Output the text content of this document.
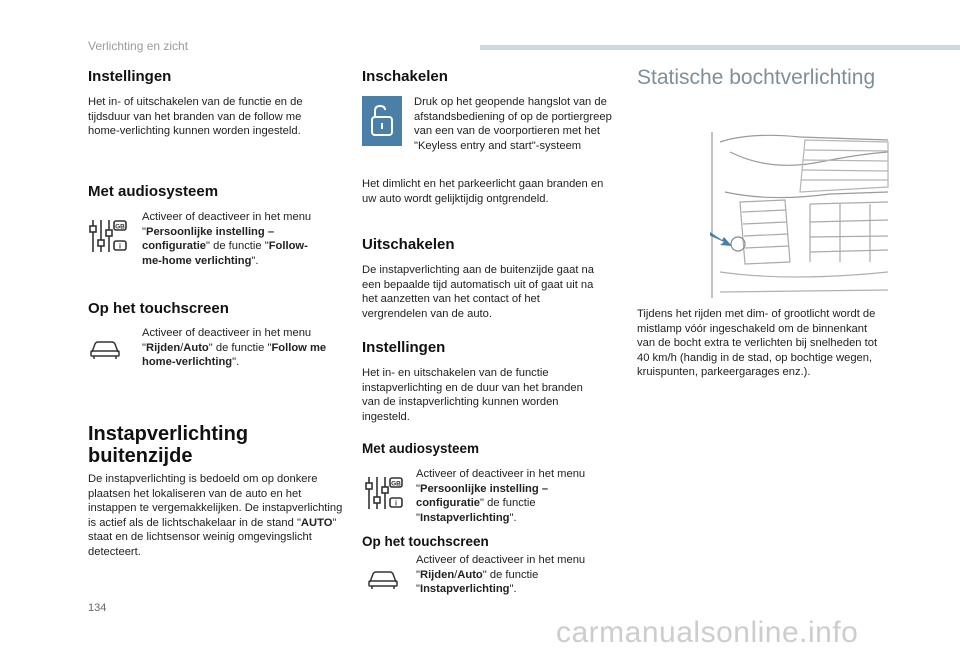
Verlichting en zicht
Instellingen

Het in- of uitschakelen van de functie en de tijdsduur van het branden van de follow me home-verlichting kunnen worden ingesteld.

Met audiosysteem
GB
i

Activeer of deactiveer in het menu "Persoonlijke instelling – configuratie" de functie "Follow-me-home verlichting".

Op het touchscreen

Activeer of deactiveer in het menu "Rijden/Auto" de functie "Follow me home-verlichting".

Instapverlichting
buitenzijde

De instapverlichting is bedoeld om op donkere plaatsen het lokaliseren van de auto en het instappen te vergemakkelijken. De instapverlichting is actief als de lichtschakelaar in de stand "AUTO" staat en de lichtsensor weinig omgevingslicht detecteert.

Inschakelen

Druk op het geopende hangslot van de afstandsbediening of op de portiergreep van een van de voorportieren met het "Keyless entry and start"-systeem

Het dimlicht en het parkeerlicht gaan branden en uw auto wordt gelijktijdig ontgrendeld.

Uitschakelen

De instapverlichting aan de buitenzijde gaat na een bepaalde tijd automatisch uit of gaat uit na het aanzetten van het contact of het vergrendelen van de auto.

Instellingen

Het in- en uitschakelen van de functie instapverlichting en de duur van het branden van de instapverlichting kunnen worden ingesteld.

Met audiosysteem
GB
i

Activeer of deactiveer in het menu "Persoonlijke instelling – configuratie" de functie "Instapverlichting".

Op het touchscreen

Activeer of deactiveer in het menu "Rijden/Auto" de functie "Instapverlichting".

Statische bochtverlichting

Tijdens het rijden met dim- of grootlicht wordt de mistlamp vóór ingeschakeld om de binnenkant van de bocht extra te verlichten bij snelheden tot 40 km/h (handig in de stad, op bochtige wegen, kruispunten, parkeergarages enz.).

134
carmanualsonline.info
